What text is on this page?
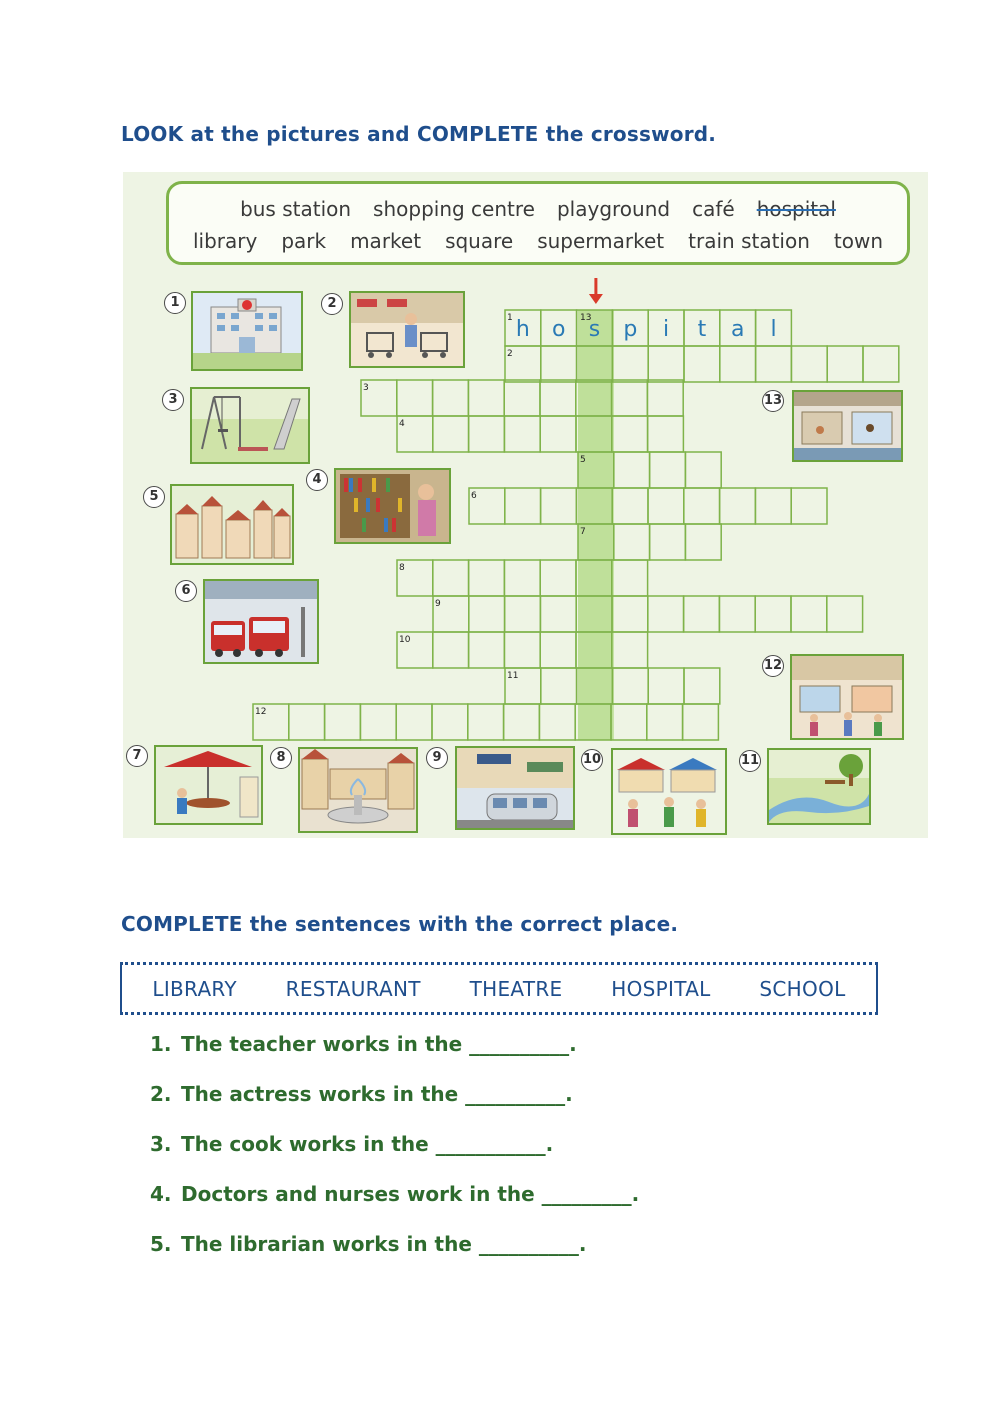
LOOK at the pictures and COMPLETE the crossword.
1
2
3
4
5
6
7
8
9
10
11
12
13
h o s p i t a l
bus station shopping centre playground café hospital
library park market square supermarket train station town
1	2
3
4
5
6
7	8	9	10	11
12
13
COMPLETE the sentences with the correct place.
LIBRARY RESTAURANT THEATRE HOSPITAL SCHOOL
1. The teacher works in the __________.
2. The actress works in the __________.
3. The cook works in the ___________.
4. Doctors and nurses work in the _________.
5. The librarian works in the __________.
